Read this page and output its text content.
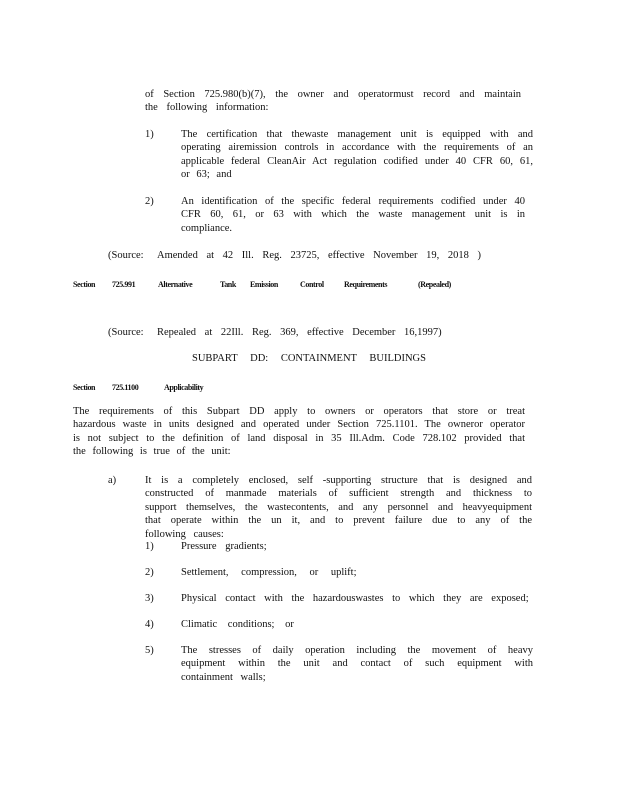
of Section 725.980(b)(7), the owner and operatormust record and maintain the following information:
1)	The certification that thewaste management unit is equipped with and operating airemission controls in accordance with the requirements of an applicable federal CleanAir Act regulation codified under 40 CFR 60, 61, or 63; and
2)	An identification of the specific federal requirements codified under 40 CFR 60, 61, or 63 with which the waste management unit is in compliance.
(Source: Amended at 42 Ill. Reg. 23725, effective November 19, 2018 )
Section 725.991	Alternative	Tank Emission	Control	Requirements	(Repealed)
(Source: Repealed at 22Ill. Reg. 369, effective December 16,1997)
SUBPART DD: CONTAINMENT BUILDINGS
Section 725.1100	Applicability
The requirements of this Subpart DD apply to owners or operators that store or treat hazardous waste in units designed and operated under Section 725.1101. The owneror operator is not subject to the definition of land disposal in 35 Ill.Adm. Code 728.102 provided that the following is true of the unit:
a)	It is a completely enclosed, self -supporting structure that is designed and constructed of manmade materials of sufficient strength and thickness to support themselves, the wastecontents, and any personnel and heavyequipment that operate within the un it, and to prevent failure due to any of the following causes:
1)	Pressure gradients;
2)	Settlement, compression, or uplift;
3)	Physical contact with the hazardouswastes to which they are exposed;
4)	Climatic conditions; or
5)	The stresses of daily operation including the movement of heavy equipment within the unit and contact of such equipment with containment walls;
